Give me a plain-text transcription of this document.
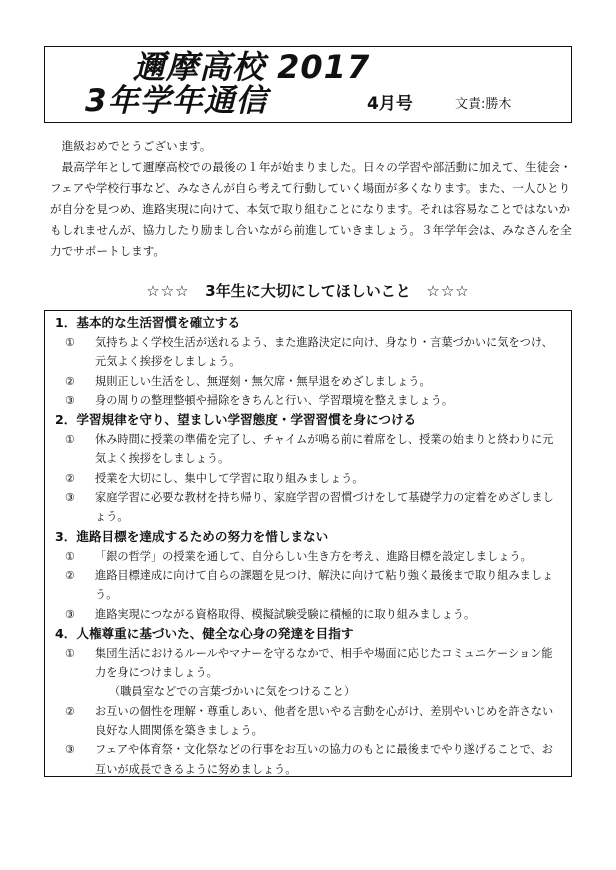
邇摩高校 2017
3年学年通信	4月号	文責:勝木

進級おめでとうございます。

最高学年として邇摩高校での最後の１年が始まりました。日々の学習や部活動に加えて、生徒会・フェアや学校行事など、みなさんが自ら考えて行動していく場面が多くなります。また、一人ひとりが自分を見つめ、進路実現に向けて、本気で取り組むことになります。それは容易なことではないかもしれませんが、協力したり励まし合いながら前進していきましょう。３年学年会は、みなさんを全力でサポートします。

☆☆☆ 3年生に大切にしてほしいこと ☆☆☆

1．基本的な生活習慣を確立する

①	気持ちよく学校生活が送れるよう、また進路決定に向け、身なり・言葉づかいに気をつけ、元気よく挨拶をしましょう。
②	規則正しい生活をし、無遅刻・無欠席・無早退をめざしましょう。
③	身の周りの整理整頓や掃除をきちんと行い、学習環境を整えましょう。

2．学習規律を守り、望ましい学習態度・学習習慣を身につける

①	休み時間に授業の準備を完了し、チャイムが鳴る前に着席をし、授業の始まりと終わりに元気よく挨拶をしましょう。
②	授業を大切にし、集中して学習に取り組みましょう。
③	家庭学習に必要な教材を持ち帰り、家庭学習の習慣づけをして基礎学力の定着をめざしましょう。

3．進路目標を達成するための努力を惜しまない

①	「銀の哲学」の授業を通して、自分らしい生き方を考え、進路目標を設定しましょう。
②	進路目標達成に向けて自らの課題を見つけ、解決に向けて粘り強く最後まで取り組みましょう。
③	進路実現につながる資格取得、模擬試験受験に積極的に取り組みましょう。

4．人権尊重に基づいた、健全な心身の発達を目指す

①	集団生活におけるルールやマナーを守るなかで、相手や場面に応じたコミュニケーション能力を身につけましょう。

（職員室などでの言葉づかいに気をつけること）

②	お互いの個性を理解・尊重しあい、他者を思いやる言動を心がけ、差別やいじめを許さない良好な人間関係を築きましょう。
③	フェアや体育祭・文化祭などの行事をお互いの協力のもとに最後までやり遂げることで、お互いが成長できるように努めましょう。
